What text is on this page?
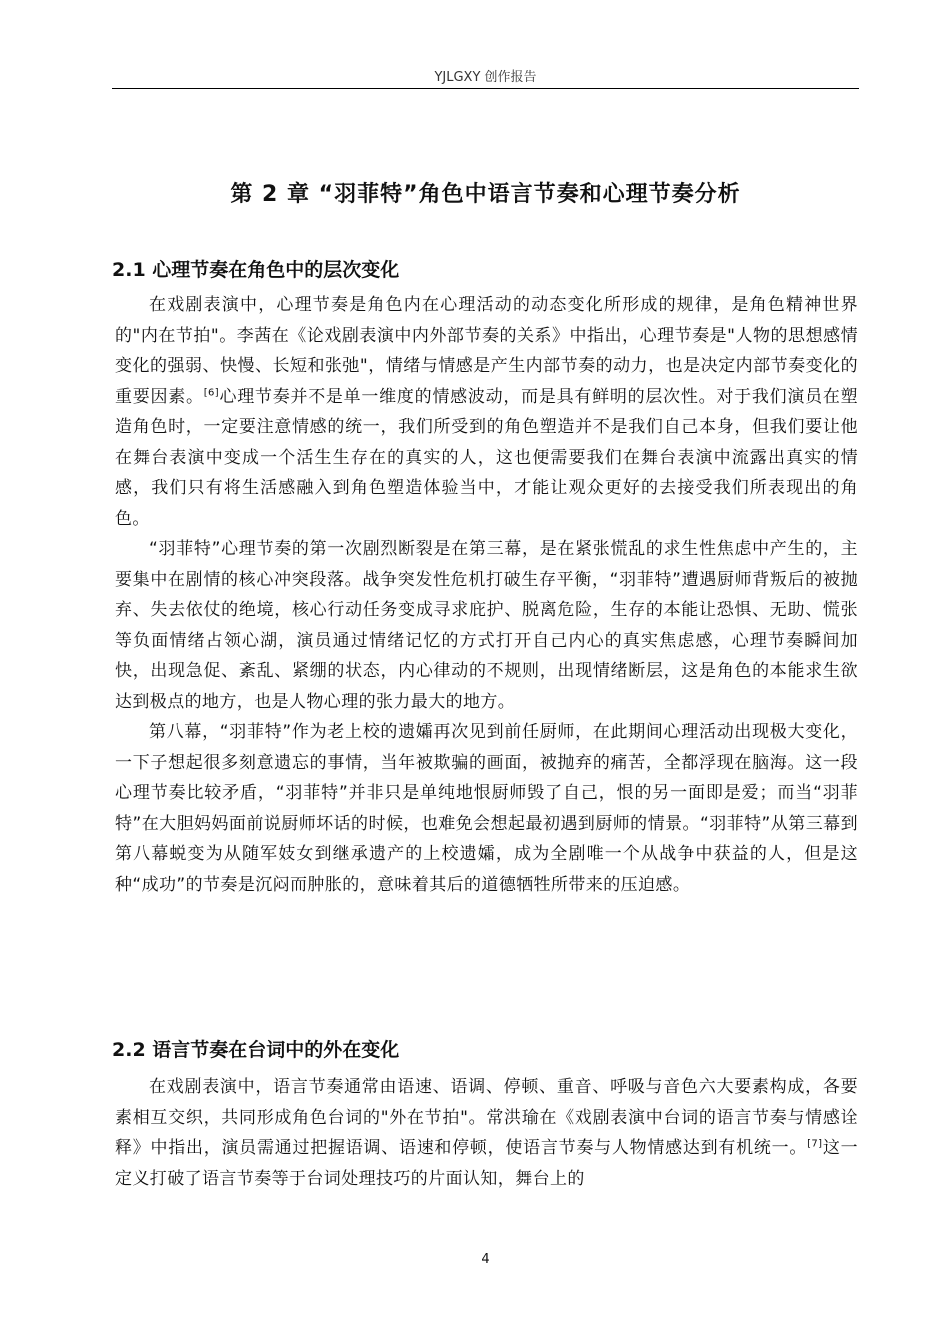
YJLGXY 创作报告
第 2 章 “羽菲特”角色中语言节奏和心理节奏分析
2.1 心理节奏在角色中的层次变化

在戏剧表演中，心理节奏是角色内在心理活动的动态变化所形成的规律，是角色精神世界的"内在节拍"。李茜在《论戏剧表演中内外部节奏的关系》中指出，心理节奏是"人物的思想感情变化的强弱、快慢、长短和张弛"，情绪与情感是产生内部节奏的动力，也是决定内部节奏变化的重要因素。[6]心理节奏并不是单一维度的情感波动，而是具有鲜明的层次性。对于我们演员在塑造角色时，一定要注意情感的统一，我们所受到的角色塑造并不是我们自己本身，但我们要让他在舞台表演中变成一个活生生存在的真实的人，这也便需要我们在舞台表演中流露出真实的情感，我们只有将生活感融入到角色塑造体验当中，才能让观众更好的去接受我们所表现出的角色。

“羽菲特”心理节奏的第一次剧烈断裂是在第三幕，是在紧张慌乱的求生性焦虑中产生的，主要集中在剧情的核心冲突段落。战争突发性危机打破生存平衡，“羽菲特”遭遇厨师背叛后的被抛弃、失去依仗的绝境，核心行动任务变成寻求庇护、脱离危险，生存的本能让恐惧、无助、慌张等负面情绪占领心湖，演员通过情绪记忆的方式打开自己内心的真实焦虑感，心理节奏瞬间加快，出现急促、紊乱、紧绷的状态，内心律动的不规则，出现情绪断层，这是角色的本能求生欲达到极点的地方，也是人物心理的张力最大的地方。

第八幕，“羽菲特”作为老上校的遗孀再次见到前任厨师，在此期间心理活动出现极大变化，一下子想起很多刻意遗忘的事情，当年被欺骗的画面，被抛弃的痛苦，全都浮现在脑海。这一段心理节奏比较矛盾，“羽菲特”并非只是单纯地恨厨师毁了自己，恨的另一面即是爱；而当“羽菲特”在大胆妈妈面前说厨师坏话的时候，也难免会想起最初遇到厨师的情景。“羽菲特”从第三幕到第八幕蜕变为从随军妓女到继承遗产的上校遗孀，成为全剧唯一个从战争中获益的人，但是这种“成功”的节奏是沉闷而肿胀的，意味着其后的道德牺牲所带来的压迫感。

2.2 语言节奏在台词中的外在变化

在戏剧表演中，语言节奏通常由语速、语调、停顿、重音、呼吸与音色六大要素构成，各要素相互交织，共同形成角色台词的"外在节拍"。常洪瑜在《戏剧表演中台词的语言节奏与情感诠释》中指出，演员需通过把握语调、语速和停顿，使语言节奏与人物情感达到有机统一。[7]这一定义打破了语言节奏等于台词处理技巧的片面认知，舞台上的

4
